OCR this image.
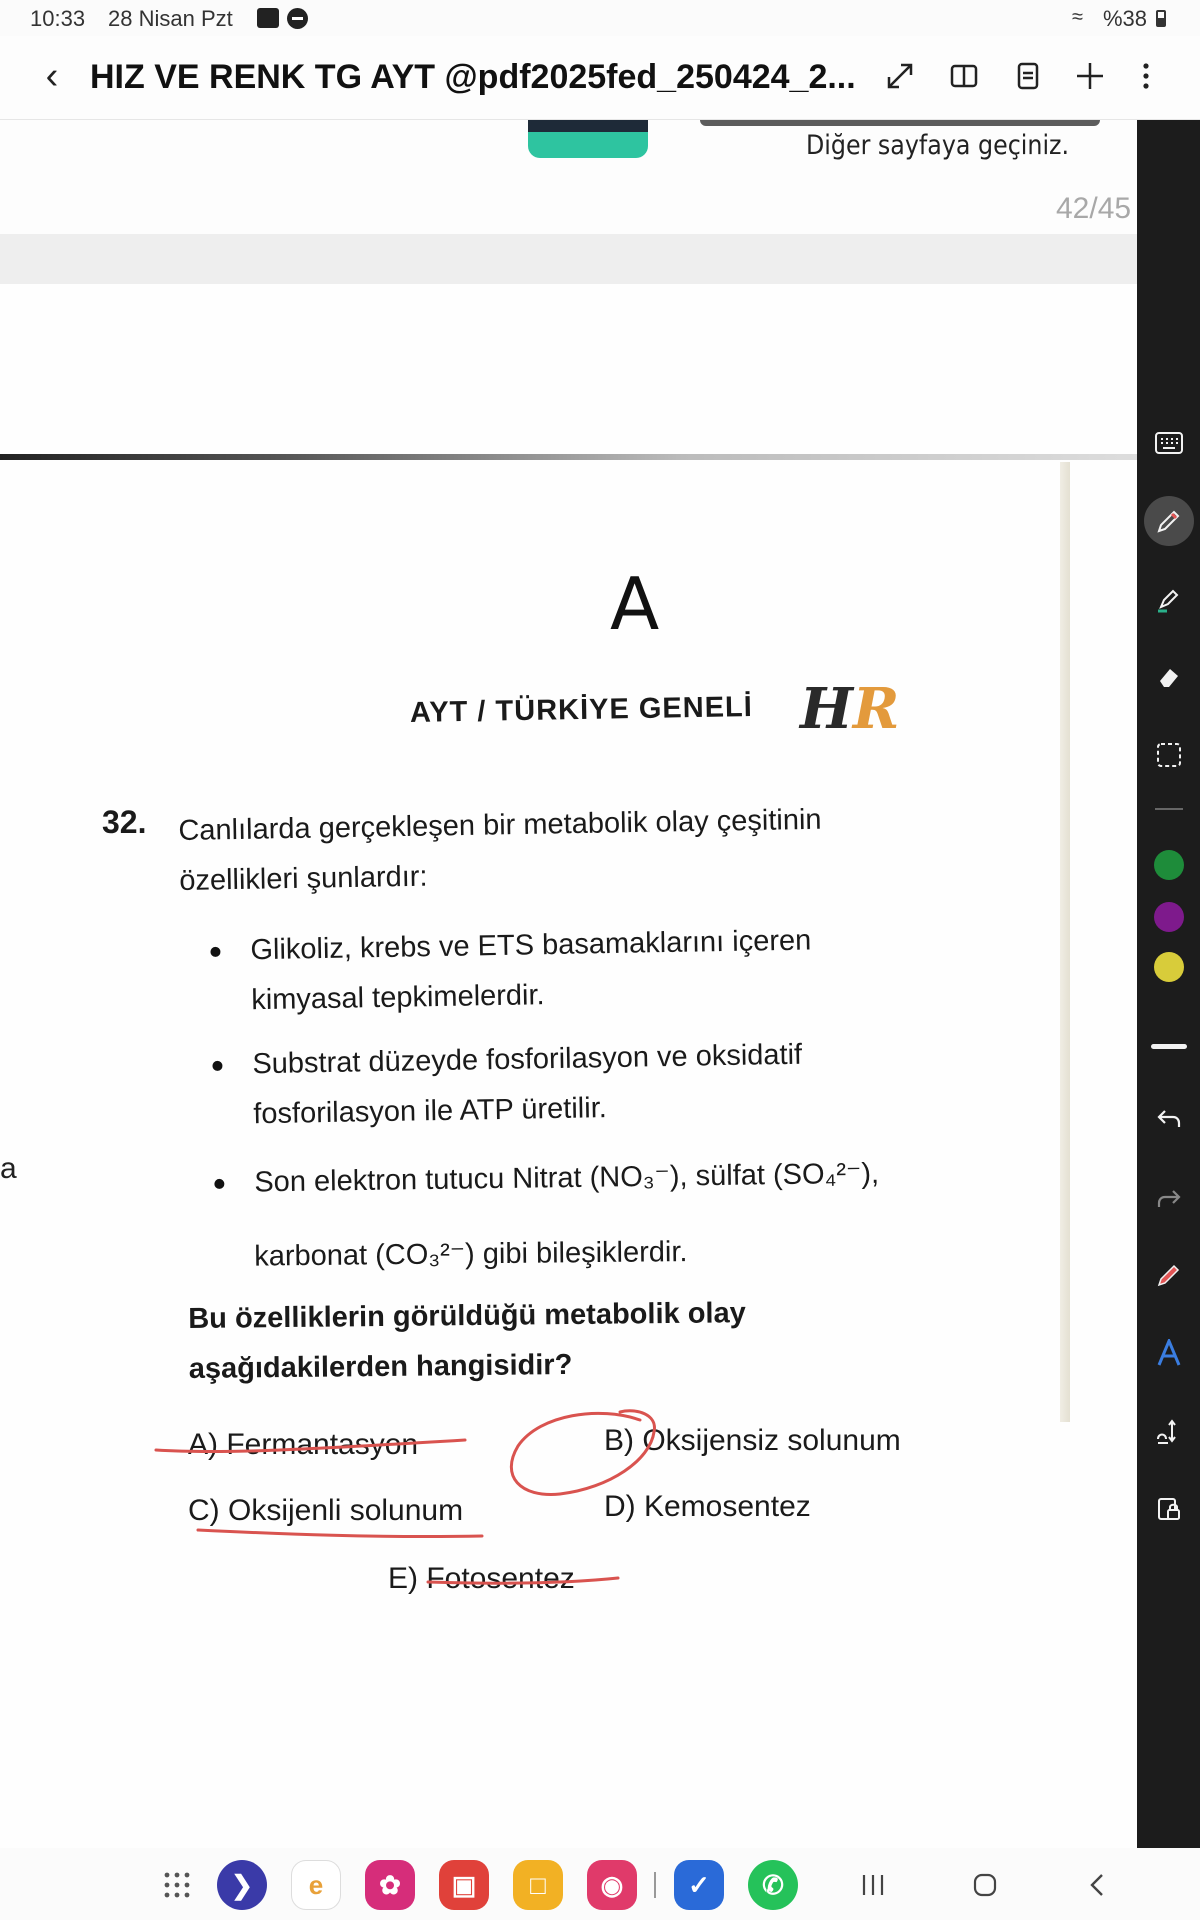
10:33 28 Nisan Pzt	≈ %38
‹ HIZ VE RENK TG AYT @pdf2025fed_250424_2...
Diğer sayfaya geçiniz.
42/45
A
AYT / TÜRKİYE GENELİ HR
a
32. Canlılarda gerçekleşen bir metabolik olay çeşitinin özellikleri şunlardır:
Glikoliz, krebs ve ETS basamaklarını içeren kimyasal tepkimelerdir.
Substrat düzeyde fosforilasyon ve oksidatif fosforilasyon ile ATP üretilir.
Son elektron tutucu Nitrat (NO₃⁻), sülfat (SO₄²⁻),
karbonat (CO₃²⁻) gibi bileşiklerdir.
Bu özelliklerin görüldüğü metabolik olay aşağıdakilerden hangisidir?
A) Fermantasyon	B) Oksijensiz solunum
C) Oksijenli solunum	D) Kemosentez
E) Fotosentez
❯	e	✿	▣	□	◉	✓	✆
